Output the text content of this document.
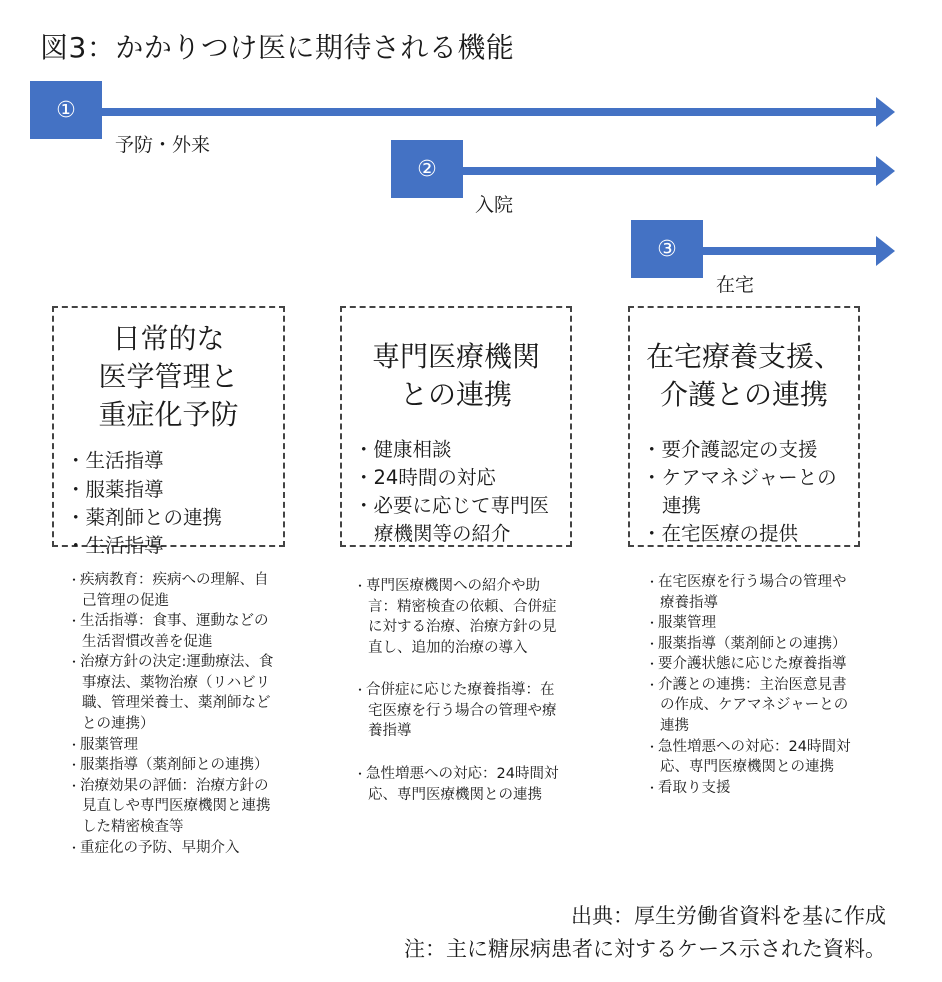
図3：かかりつけ医に期待される機能
①
予防・外来
②
入院
③
在宅
日常的な
医学管理と
重症化予防
・ 生活指導
・ 服薬指導
・ 薬剤師との連携
・ 生活指導
専門医療機関
との連携
・ 健康相談
・ 24時間の対応
・ 必要に応じて専門医療機関等の紹介
在宅療養支援、
介護との連携
・ 要介護認定の支援
・ ケアマネジャーとの連携
・ 在宅医療の提供
・ 疾病教育：疾病への理解、自己管理の促進
・ 生活指導：食事、運動などの生活習慣改善を促進
・ 治療方針の決定:運動療法、食事療法、薬物治療（リハビリ職、管理栄養士、薬剤師などとの連携）
・ 服薬管理
・ 服薬指導（薬剤師との連携）
・ 治療効果の評価：治療方針の見直しや専門医療機関と連携した精密検査等
・ 重症化の予防、早期介入
・ 専門医療機関への紹介や助言：精密検査の依頼、合併症に対する治療、治療方針の見直し、追加的治療の導入
・ 合併症に応じた療養指導：在宅医療を行う場合の管理や療養指導
・ 急性増悪への対応：24時間対応、専門医療機関との連携
・ 在宅医療を行う場合の管理や療養指導
・ 服薬管理
・ 服薬指導（薬剤師との連携）
・ 要介護状態に応じた療養指導
・ 介護との連携：主治医意見書の作成、ケアマネジャーとの連携
・ 急性増悪への対応：24時間対応、専門医療機関との連携
・ 看取り支援
出典：厚生労働省資料を基に作成
注：主に糖尿病患者に対するケース示された資料。
